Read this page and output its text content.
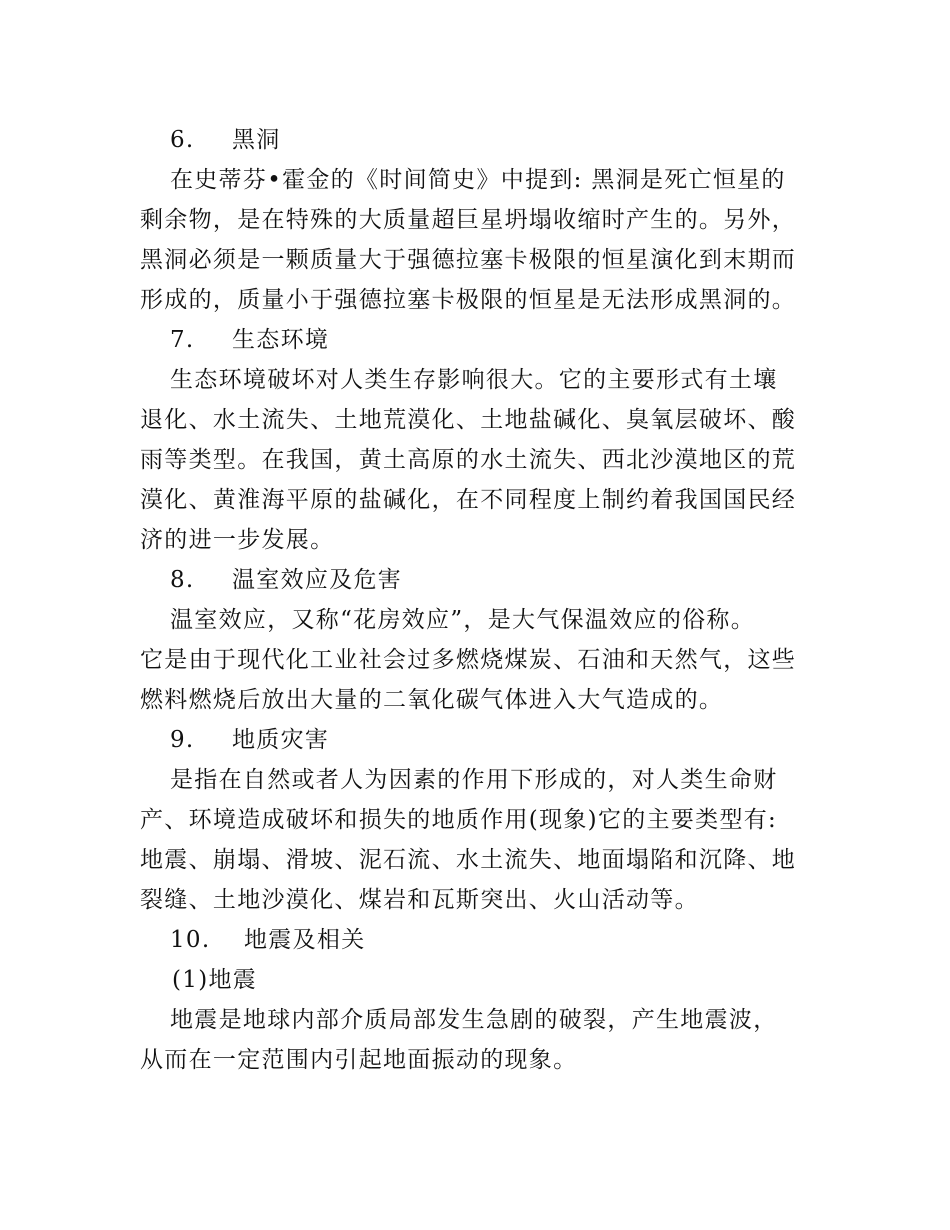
6. 黑洞
在史蒂芬•霍金的《时间简史》中提到: 黑洞是死亡恒星的
剩余物，是在特殊的大质量超巨星坍塌收缩时产生的。另外，
黑洞必须是一颗质量大于强德拉塞卡极限的恒星演化到末期而
形成的，质量小于强德拉塞卡极限的恒星是无法形成黑洞的。
7. 生态环境
生态环境破坏对人类生存影响很大。它的主要形式有土壤
退化、水土流失、土地荒漠化、土地盐碱化、臭氧层破坏、酸
雨等类型。在我国，黄土高原的水土流失、西北沙漠地区的荒
漠化、黄淮海平原的盐碱化，在不同程度上制约着我国国民经
济的进一步发展。
8. 温室效应及危害
温室效应，又称“花房效应”，是大气保温效应的俗称。
它是由于现代化工业社会过多燃烧煤炭、石油和天然气，这些
燃料燃烧后放出大量的二氧化碳气体进入大气造成的。
9. 地质灾害
是指在自然或者人为因素的作用下形成的，对人类生命财
产、环境造成破坏和损失的地质作用(现象)它的主要类型有:
地震、崩塌、滑坡、泥石流、水土流失、地面塌陷和沉降、地
裂缝、土地沙漠化、煤岩和瓦斯突出、火山活动等。
10. 地震及相关
(1)地震
地震是地球内部介质局部发生急剧的破裂，产生地震波，
从而在一定范围内引起地面振动的现象。
